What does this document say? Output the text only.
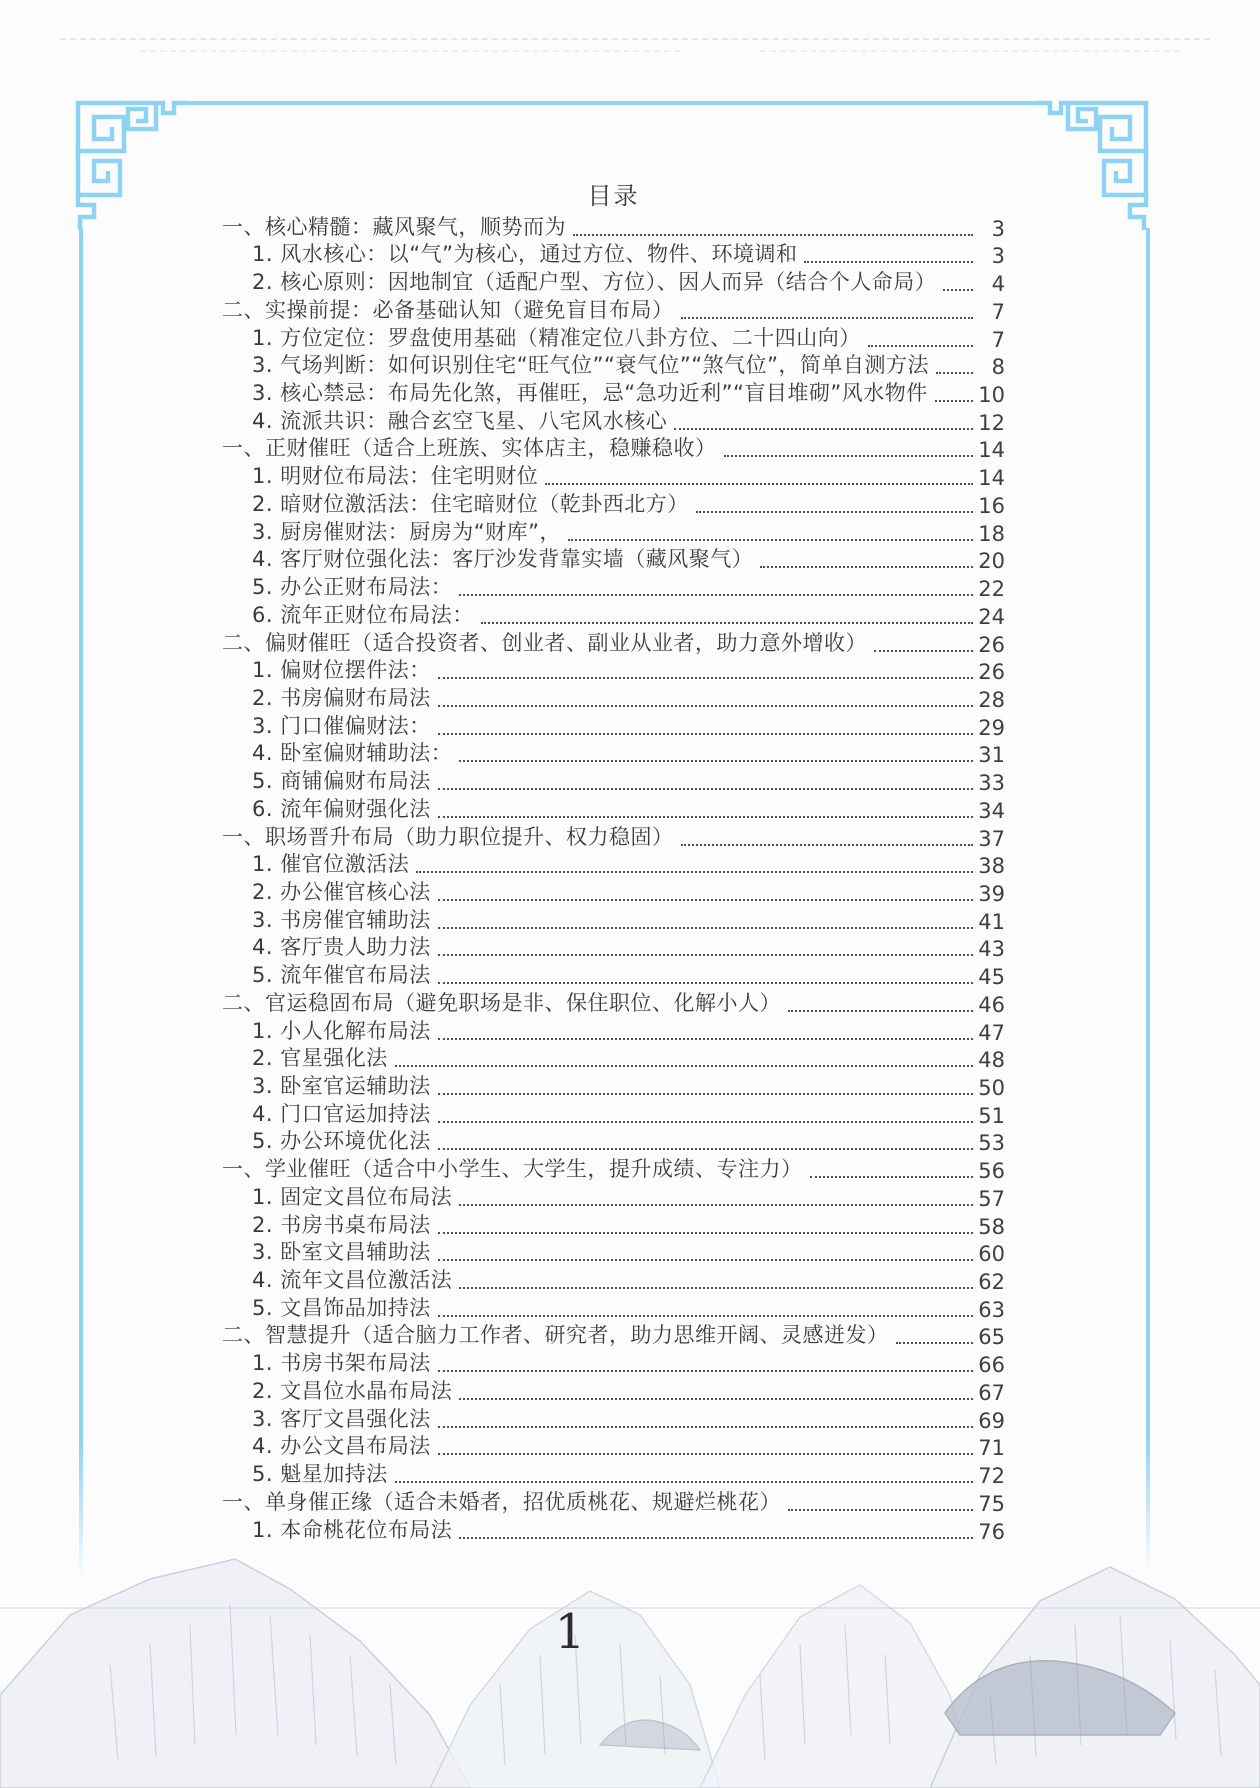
目录
一、核心精髓：藏风聚气，顺势而为	3
1. 风水核心：以“气”为核心，通过方位、物件、环境调和	3
2. 核心原则：因地制宜（适配户型、方位）、因人而异（结合个人命局）	4
二、实操前提：必备基础认知（避免盲目布局）	7
1. 方位定位：罗盘使用基础（精准定位八卦方位、二十四山向）	7
3. 气场判断：如何识别住宅“旺气位”“衰气位”“煞气位”，简单自测方法	8
3. 核心禁忌：布局先化煞，再催旺，忌“急功近利”“盲目堆砌”风水物件 10
4. 流派共识：融合玄空飞星、八宅风水核心	12
一、正财催旺（适合上班族、实体店主，稳赚稳收）	14
1. 明财位布局法：住宅明财位	14
2. 暗财位激活法：住宅暗财位（乾卦西北方）	16
3. 厨房催财法：厨房为“财库”，	18
4. 客厅财位强化法：客厅沙发背靠实墙（藏风聚气）	20
5. 办公正财布局法：	22
6. 流年正财位布局法：	24
二、偏财催旺（适合投资者、创业者、副业从业者，助力意外增收）	26
1. 偏财位摆件法：	26
2. 书房偏财布局法	28
3. 门口催偏财法：	29
4. 卧室偏财辅助法：	31
5. 商铺偏财布局法	33
6. 流年偏财强化法	34
一、职场晋升布局（助力职位提升、权力稳固）	37
1. 催官位激活法	38
2. 办公催官核心法	39
3. 书房催官辅助法	41
4. 客厅贵人助力法	43
5. 流年催官布局法	45
二、官运稳固布局（避免职场是非、保住职位、化解小人）	46
1. 小人化解布局法	47
2. 官星强化法	48
3. 卧室官运辅助法	50
4. 门口官运加持法	51
5. 办公环境优化法	53
一、学业催旺（适合中小学生、大学生，提升成绩、专注力）	56
1. 固定文昌位布局法	57
2. 书房书桌布局法	58
3. 卧室文昌辅助法	60
4. 流年文昌位激活法	62
5. 文昌饰品加持法	63
二、智慧提升（适合脑力工作者、研究者，助力思维开阔、灵感迸发）	65
1. 书房书架布局法	66
2. 文昌位水晶布局法	67
3. 客厅文昌强化法	69
4. 办公文昌布局法	71
5. 魁星加持法	72
一、单身催正缘（适合未婚者，招优质桃花、规避烂桃花）	75
1. 本命桃花位布局法	76
1
